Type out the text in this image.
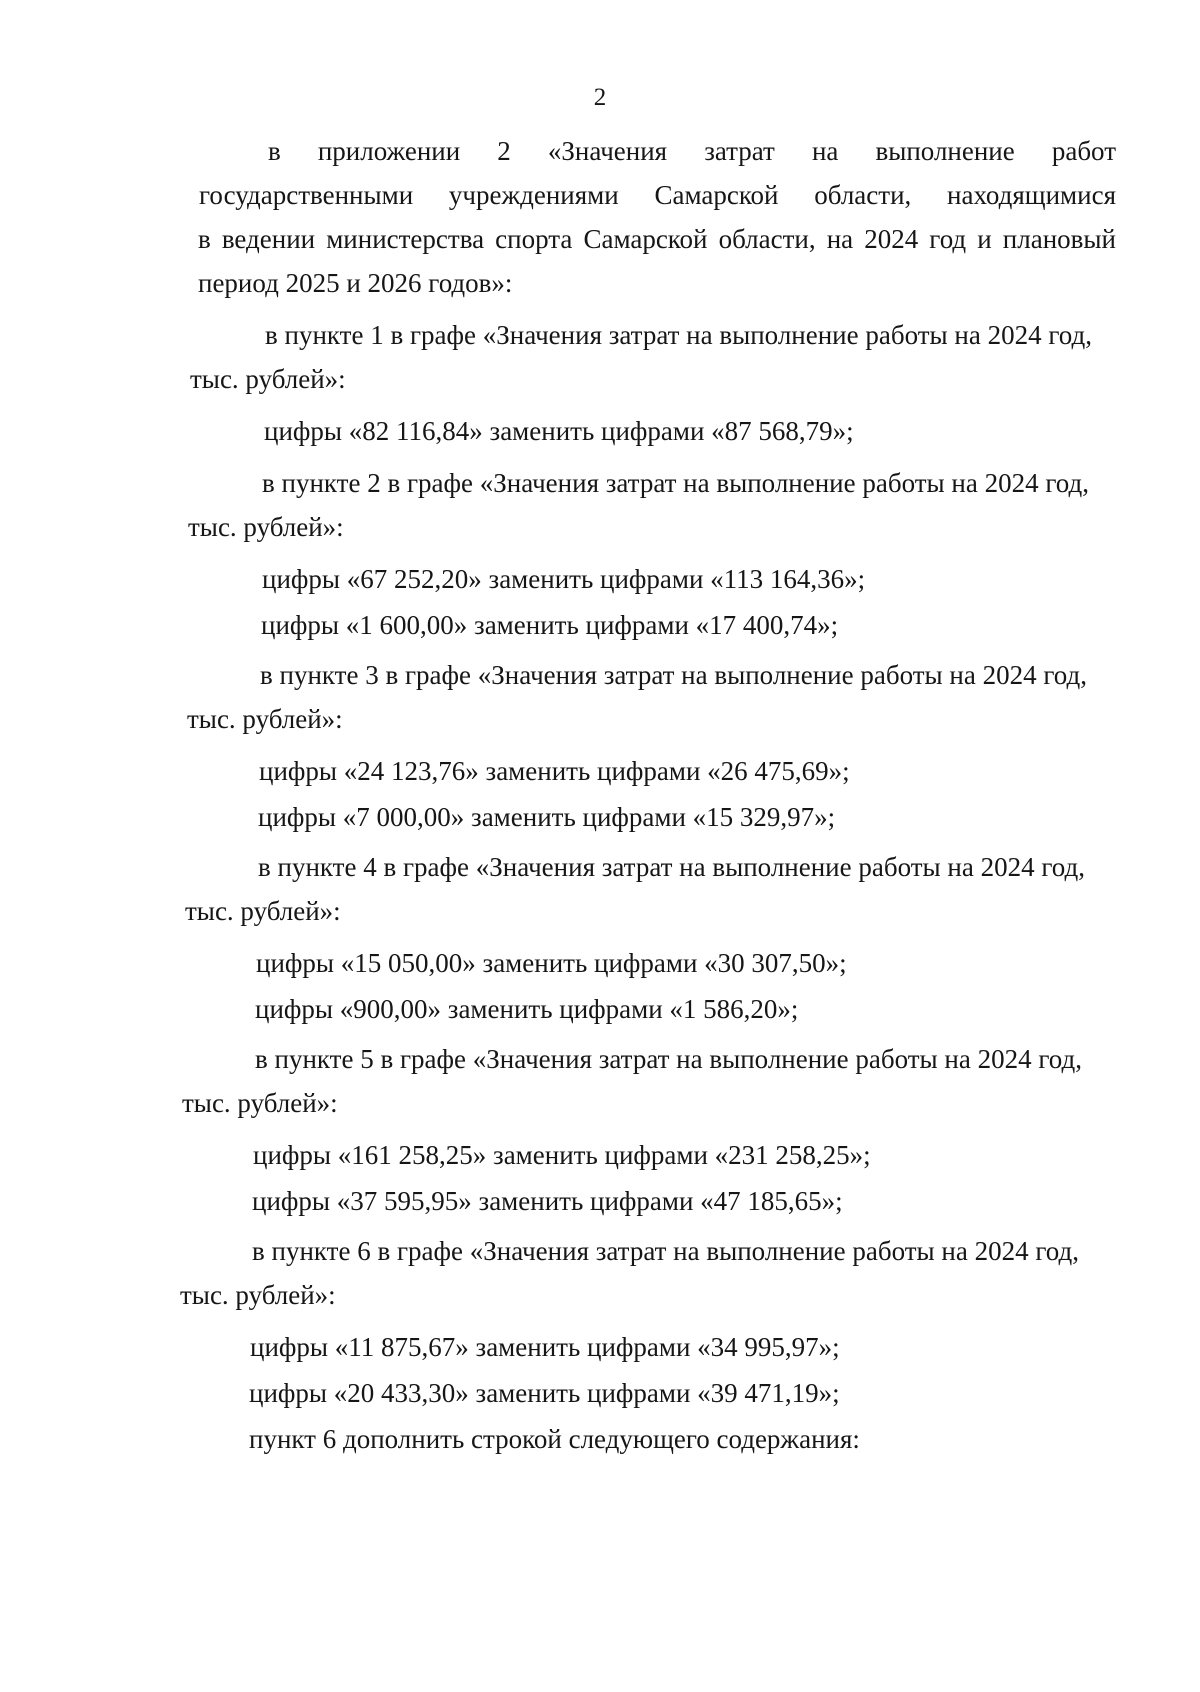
2
в приложении 2 «Значения затрат на выполнение работ
государственными учреждениями Самарской области, находящимися
в ведении министерства спорта Самарской области, на 2024 год и плановый
период 2025 и 2026 годов»:
в пункте 1 в графе «Значения затрат на выполнение работы на 2024 год,
тыс. рублей»:
цифры «82 116,84» заменить цифрами «87 568,79»;
в пункте 2 в графе «Значения затрат на выполнение работы на 2024 год,
тыс. рублей»:
цифры «67 252,20» заменить цифрами «113 164,36»;
цифры «1 600,00» заменить цифрами «17 400,74»;
в пункте 3 в графе «Значения затрат на выполнение работы на 2024 год,
тыс. рублей»:
цифры «24 123,76» заменить цифрами «26 475,69»;
цифры «7 000,00» заменить цифрами «15 329,97»;
в пункте 4 в графе «Значения затрат на выполнение работы на 2024 год,
тыс. рублей»:
цифры «15 050,00» заменить цифрами «30 307,50»;
цифры «900,00» заменить цифрами «1 586,20»;
в пункте 5 в графе «Значения затрат на выполнение работы на 2024 год,
тыс. рублей»:
цифры «161 258,25» заменить цифрами «231 258,25»;
цифры «37 595,95» заменить цифрами «47 185,65»;
в пункте 6 в графе «Значения затрат на выполнение работы на 2024 год,
тыс. рублей»:
цифры «11 875,67» заменить цифрами «34 995,97»;
цифры «20 433,30» заменить цифрами «39 471,19»;
пункт 6 дополнить строкой следующего содержания:
